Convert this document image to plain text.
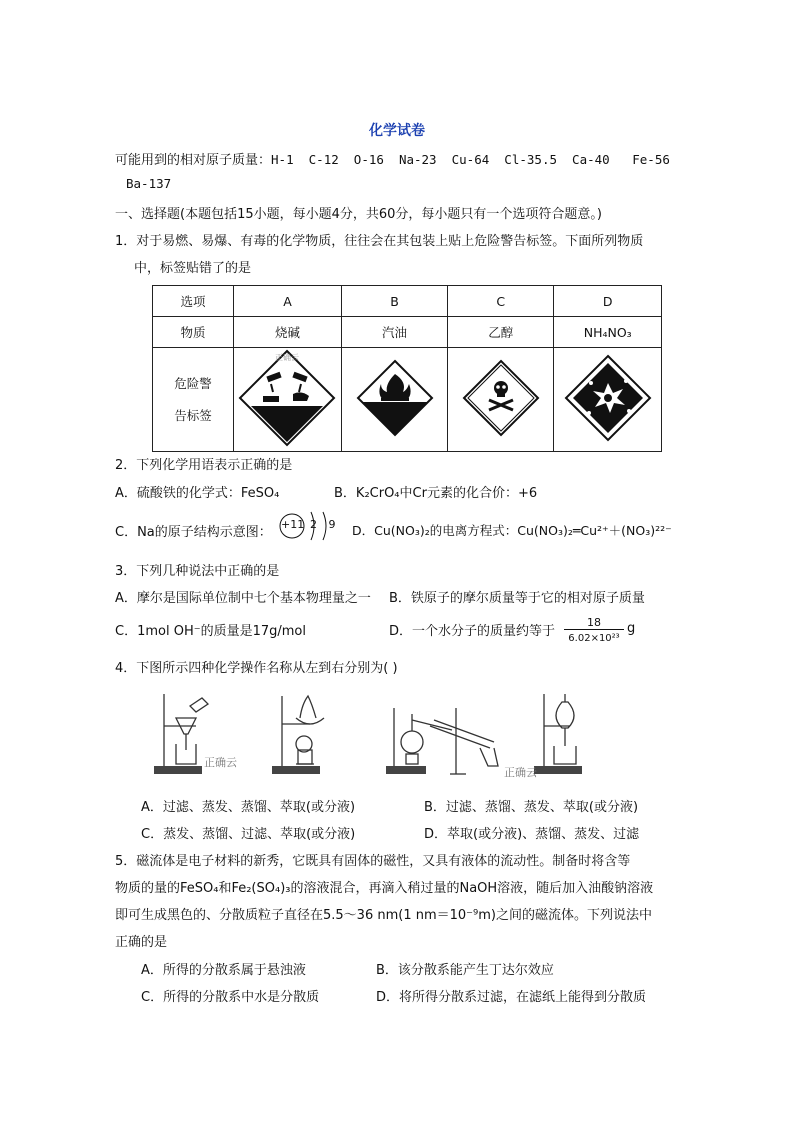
化学试卷
可能用到的相对原子质量：H-1  C-12  O-16  Na-23  Cu-64  Cl-35.5  Ca-40   Fe-56
Ba-137
一、选择题(本题包括15小题，每小题4分，共60分，每小题只有一个选项符合题意。)
1．对于易燃、易爆、有毒的化学物质，往往会在其包装上贴上危险警告标签。下面所列物质
中，标签贴错了的是
选项	A	B	C	D
物质	烧碱	汽油	乙醇	NH₄NO₃
危险警
告标签	正确云

2．下列化学用语表示正确的是
A．硫酸铁的化学式：FeSO₄	B．K₂CrO₄中Cr元素的化合价：+6
C．Na的原子结构示意图：
+11 2 9 D．Cu(NO₃)₂的电离方程式：Cu(NO₃)₂═Cu²⁺＋(NO₃)²²⁻
3．下列几种说法中正确的是
A．摩尔是国际单位制中七个基本物理量之一 B．铁原子的摩尔质量等于它的相对原子质量
C．1mol OH⁻的质量是17g/mol	D．一个水分子的质量约等于
18
6.02×10²³
g
4．下图所示四种化学操作名称从左到右分别为( )
正确云
正确云
A．过滤、蒸发、蒸馏、萃取(或分液)	B．过滤、蒸馏、蒸发、萃取(或分液)
C．蒸发、蒸馏、过滤、萃取(或分液)	D．萃取(或分液)、蒸馏、蒸发、过滤
5．磁流体是电子材料的新秀，它既具有固体的磁性，又具有液体的流动性。制备时将含等
物质的量的FeSO₄和Fe₂(SO₄)₃的溶液混合，再滴入稍过量的NaOH溶液，随后加入油酸钠溶液
即可生成黑色的、分散质粒子直径在5.5～36 nm(1 nm＝10⁻⁹m)之间的磁流体。下列说法中
正确的是
A．所得的分散系属于悬浊液	B．该分散系能产生丁达尔效应
C．所得的分散系中水是分散质	D．将所得分散系过滤，在滤纸上能得到分散质
